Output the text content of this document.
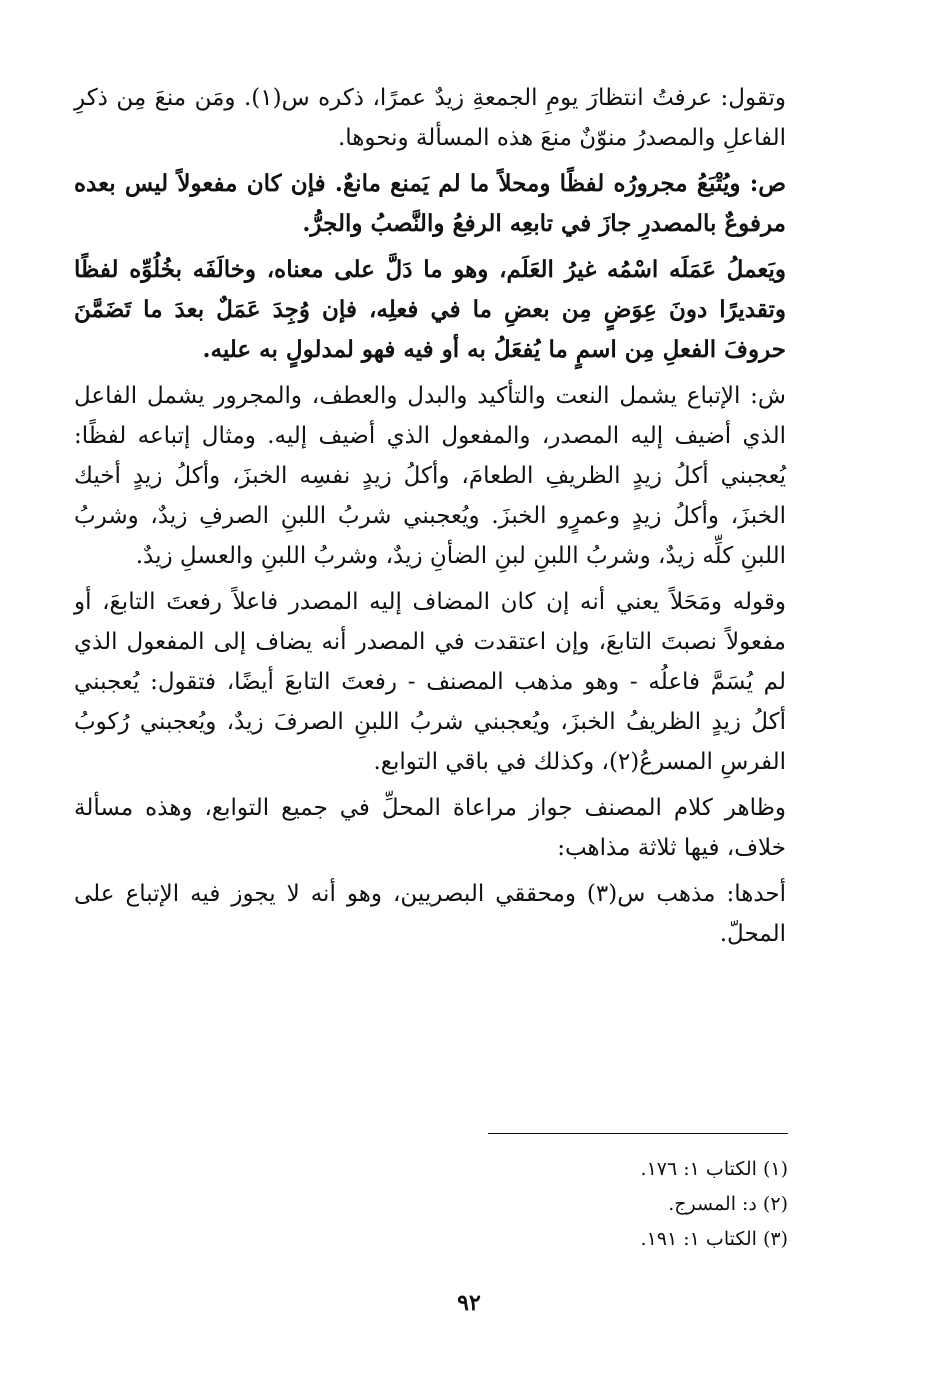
وتقول: عرفتُ انتظارَ يومِ الجمعةِ زيدٌ عمرًا، ذكره س(١). ومَن منعَ مِن ذكرِ الفاعلِ والمصدرُ منوّنٌ منعَ هذه المسألة ونحوها.

ص: ويُتْبَعُ مجرورُه لفظًا ومحلاً ما لم يَمنع مانعٌ. فإن كان مفعولاً ليس بعده مرفوعٌ بالمصدرِ جازَ في تابعِه الرفعُ والنَّصبُ والجرُّ.

ويَعملُ عَمَلَه اسْمُه غيرُ العَلَم، وهو ما دَلَّ على معناه، وخالَفَه بخُلُوِّه لفظًا وتقديرًا دونَ عِوَضٍ مِن بعضِ ما في فعلِه، فإن وُجِدَ عَمَلٌ بعدَ ما تَضَمَّنَ حروفَ الفعلِ مِن اسمٍ ما يُفعَلُ به أو فيه فهو لمدلولٍ به عليه.

ش: الإتباع يشمل النعت والتأكيد والبدل والعطف، والمجرور يشمل الفاعل الذي أضيف إليه المصدر، والمفعول الذي أضيف إليه. ومثال إتباعه لفظًا: يُعجبني أكلُ زيدٍ الظريفِ الطعامَ، وأكلُ زيدٍ نفسِه الخبزَ، وأكلُ زيدٍ أخيك الخبزَ، وأكلُ زيدٍ وعمرٍو الخبزَ. ويُعجبني شربُ اللبنِ الصرفِ زيدٌ، وشربُ اللبنِ كلِّه زيدٌ، وشربُ اللبنِ لبنِ الضأنِ زيدٌ، وشربُ اللبنِ والعسلِ زيدٌ.

وقوله ومَحَلاً يعني أنه إن كان المضاف إليه المصدر فاعلاً رفعتَ التابعَ، أو مفعولاً نصبتَ التابعَ، وإن اعتقدت في المصدر أنه يضاف إلى المفعول الذي لم يُسَمَّ فاعلُه - وهو مذهب المصنف - رفعتَ التابعَ أيضًا، فتقول: يُعجبني أكلُ زيدٍ الظريفُ الخبزَ، ويُعجبني شربُ اللبنِ الصرفَ زيدٌ، ويُعجبني رُكوبُ الفرسِ المسرعُ(٢)، وكذلك في باقي التوابع.

وظاهر كلام المصنف جواز مراعاة المحلِّ في جميع التوابع، وهذه مسألة خلاف، فيها ثلاثة مذاهب:

أحدها: مذهب س(٣) ومحققي البصريين، وهو أنه لا يجوز فيه الإتباع على المحلّ.

(١) الكتاب ١: ١٧٦.

(٢) د: المسرج.

(٣) الكتاب ١: ١٩١.

٩٢
